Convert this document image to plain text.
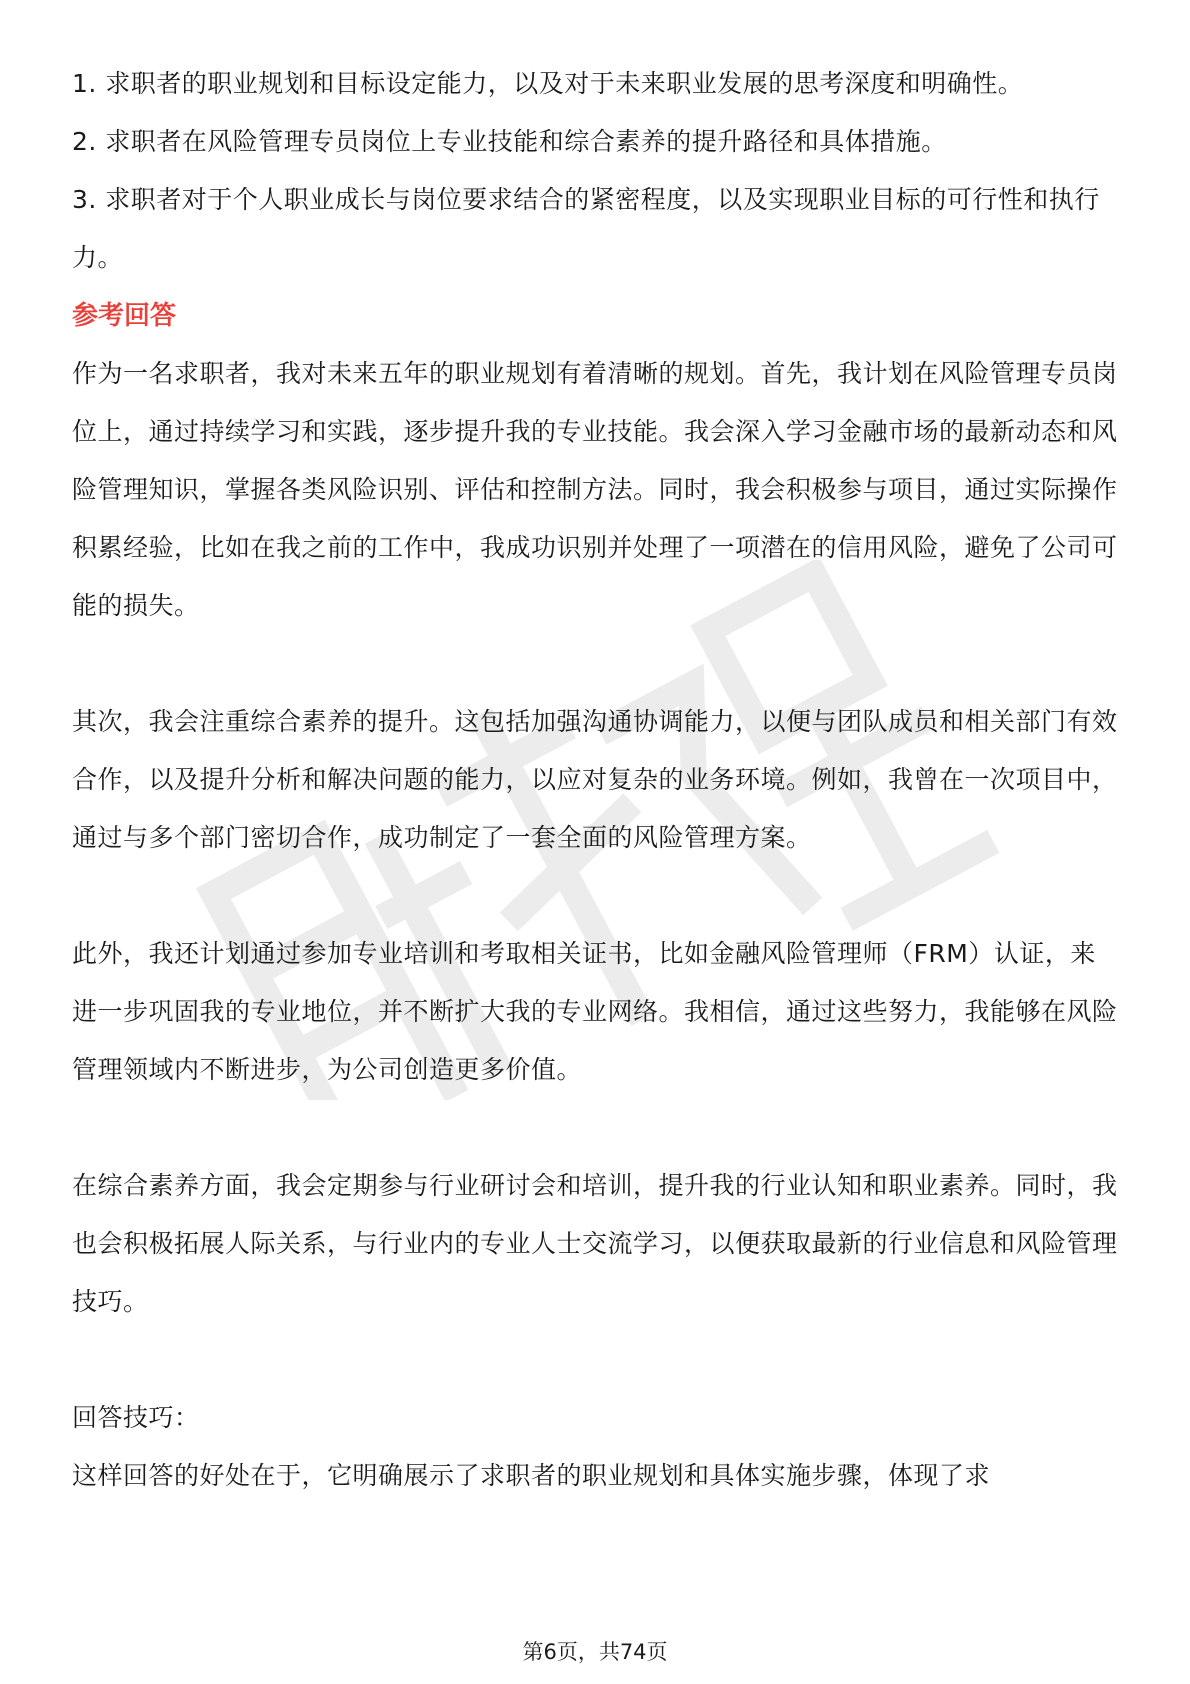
1. 求职者的职业规划和目标设定能力，以及对于未来职业发展的思考深度和明确性。

2. 求职者在风险管理专员岗位上专业技能和综合素养的提升路径和具体措施。

3. 求职者对于个人职业成长与岗位要求结合的紧密程度，以及实现职业目标的可行性和执行力。

参考回答

作为一名求职者，我对未来五年的职业规划有着清晰的规划。首先，我计划在风险管理专员岗位上，通过持续学习和实践，逐步提升我的专业技能。我会深入学习金融市场的最新动态和风险管理知识，掌握各类风险识别、评估和控制方法。同时，我会积极参与项目，通过实际操作积累经验，比如在我之前的工作中，我成功识别并处理了一项潜在的信用风险，避免了公司可能的损失。

其次，我会注重综合素养的提升。这包括加强沟通协调能力，以便与团队成员和相关部门有效合作，以及提升分析和解决问题的能力，以应对复杂的业务环境。例如，我曾在一次项目中，通过与多个部门密切合作，成功制定了一套全面的风险管理方案。

此外，我还计划通过参加专业培训和考取相关证书，比如金融风险管理师（FRM）认证，来进一步巩固我的专业地位，并不断扩大我的专业网络。我相信，通过这些努力，我能够在风险管理领域内不断进步，为公司创造更多价值。

在综合素养方面，我会定期参与行业研讨会和培训，提升我的行业认知和职业素养。同时，我也会积极拓展人际关系，与行业内的专业人士交流学习，以便获取最新的行业信息和风险管理技巧。

回答技巧：

这样回答的好处在于，它明确展示了求职者的职业规划和具体实施步骤，体现了求

第6页，共74页
